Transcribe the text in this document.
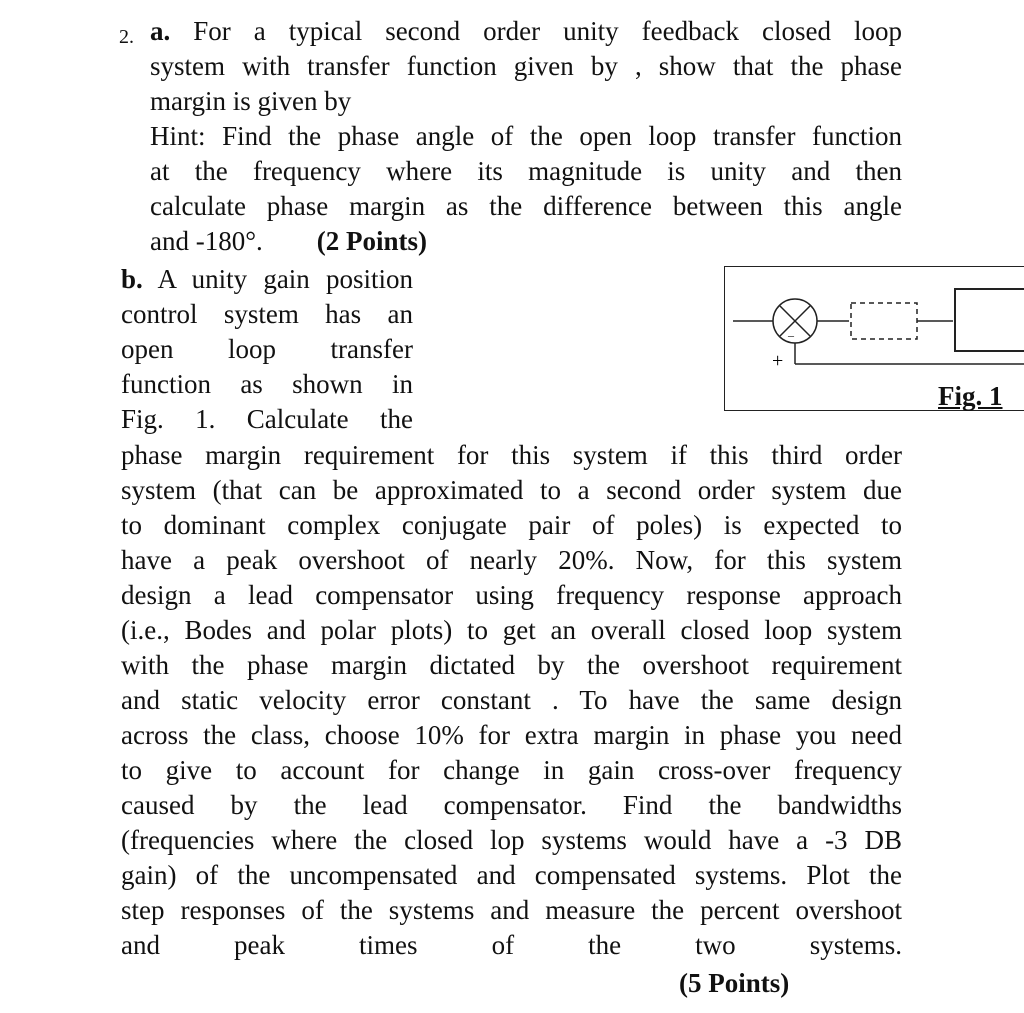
2. a. For a typical second order unity feedback closed loop
system with transfer function given by , show that the phase
margin is given by
Hint: Find the phase angle of the open loop transfer function
at the frequency where its magnitude is unity and then
calculate phase margin as the difference between this angle
and -180°. (2 Points)
b. A unity gain position
control system has an
open loop transfer
function as shown in
Fig. 1. Calculate the
+
–
Fig. 1
phase margin requirement for this system if this third order
system (that can be approximated to a second order system due
to dominant complex conjugate pair of poles) is expected to
have a peak overshoot of nearly 20%. Now, for this system
design a lead compensator using frequency response approach
(i.e., Bodes and polar plots) to get an overall closed loop system
with the phase margin dictated by the overshoot requirement
and static velocity error constant . To have the same design
across the class, choose 10% for extra margin in phase you need
to give to account for change in gain cross-over frequency
caused by the lead compensator. Find the bandwidths
(frequencies where the closed lop systems would have a -3 DB
gain) of the uncompensated and compensated systems. Plot the
step responses of the systems and measure the percent overshoot
and peak times of the two systems.
(5 Points)
